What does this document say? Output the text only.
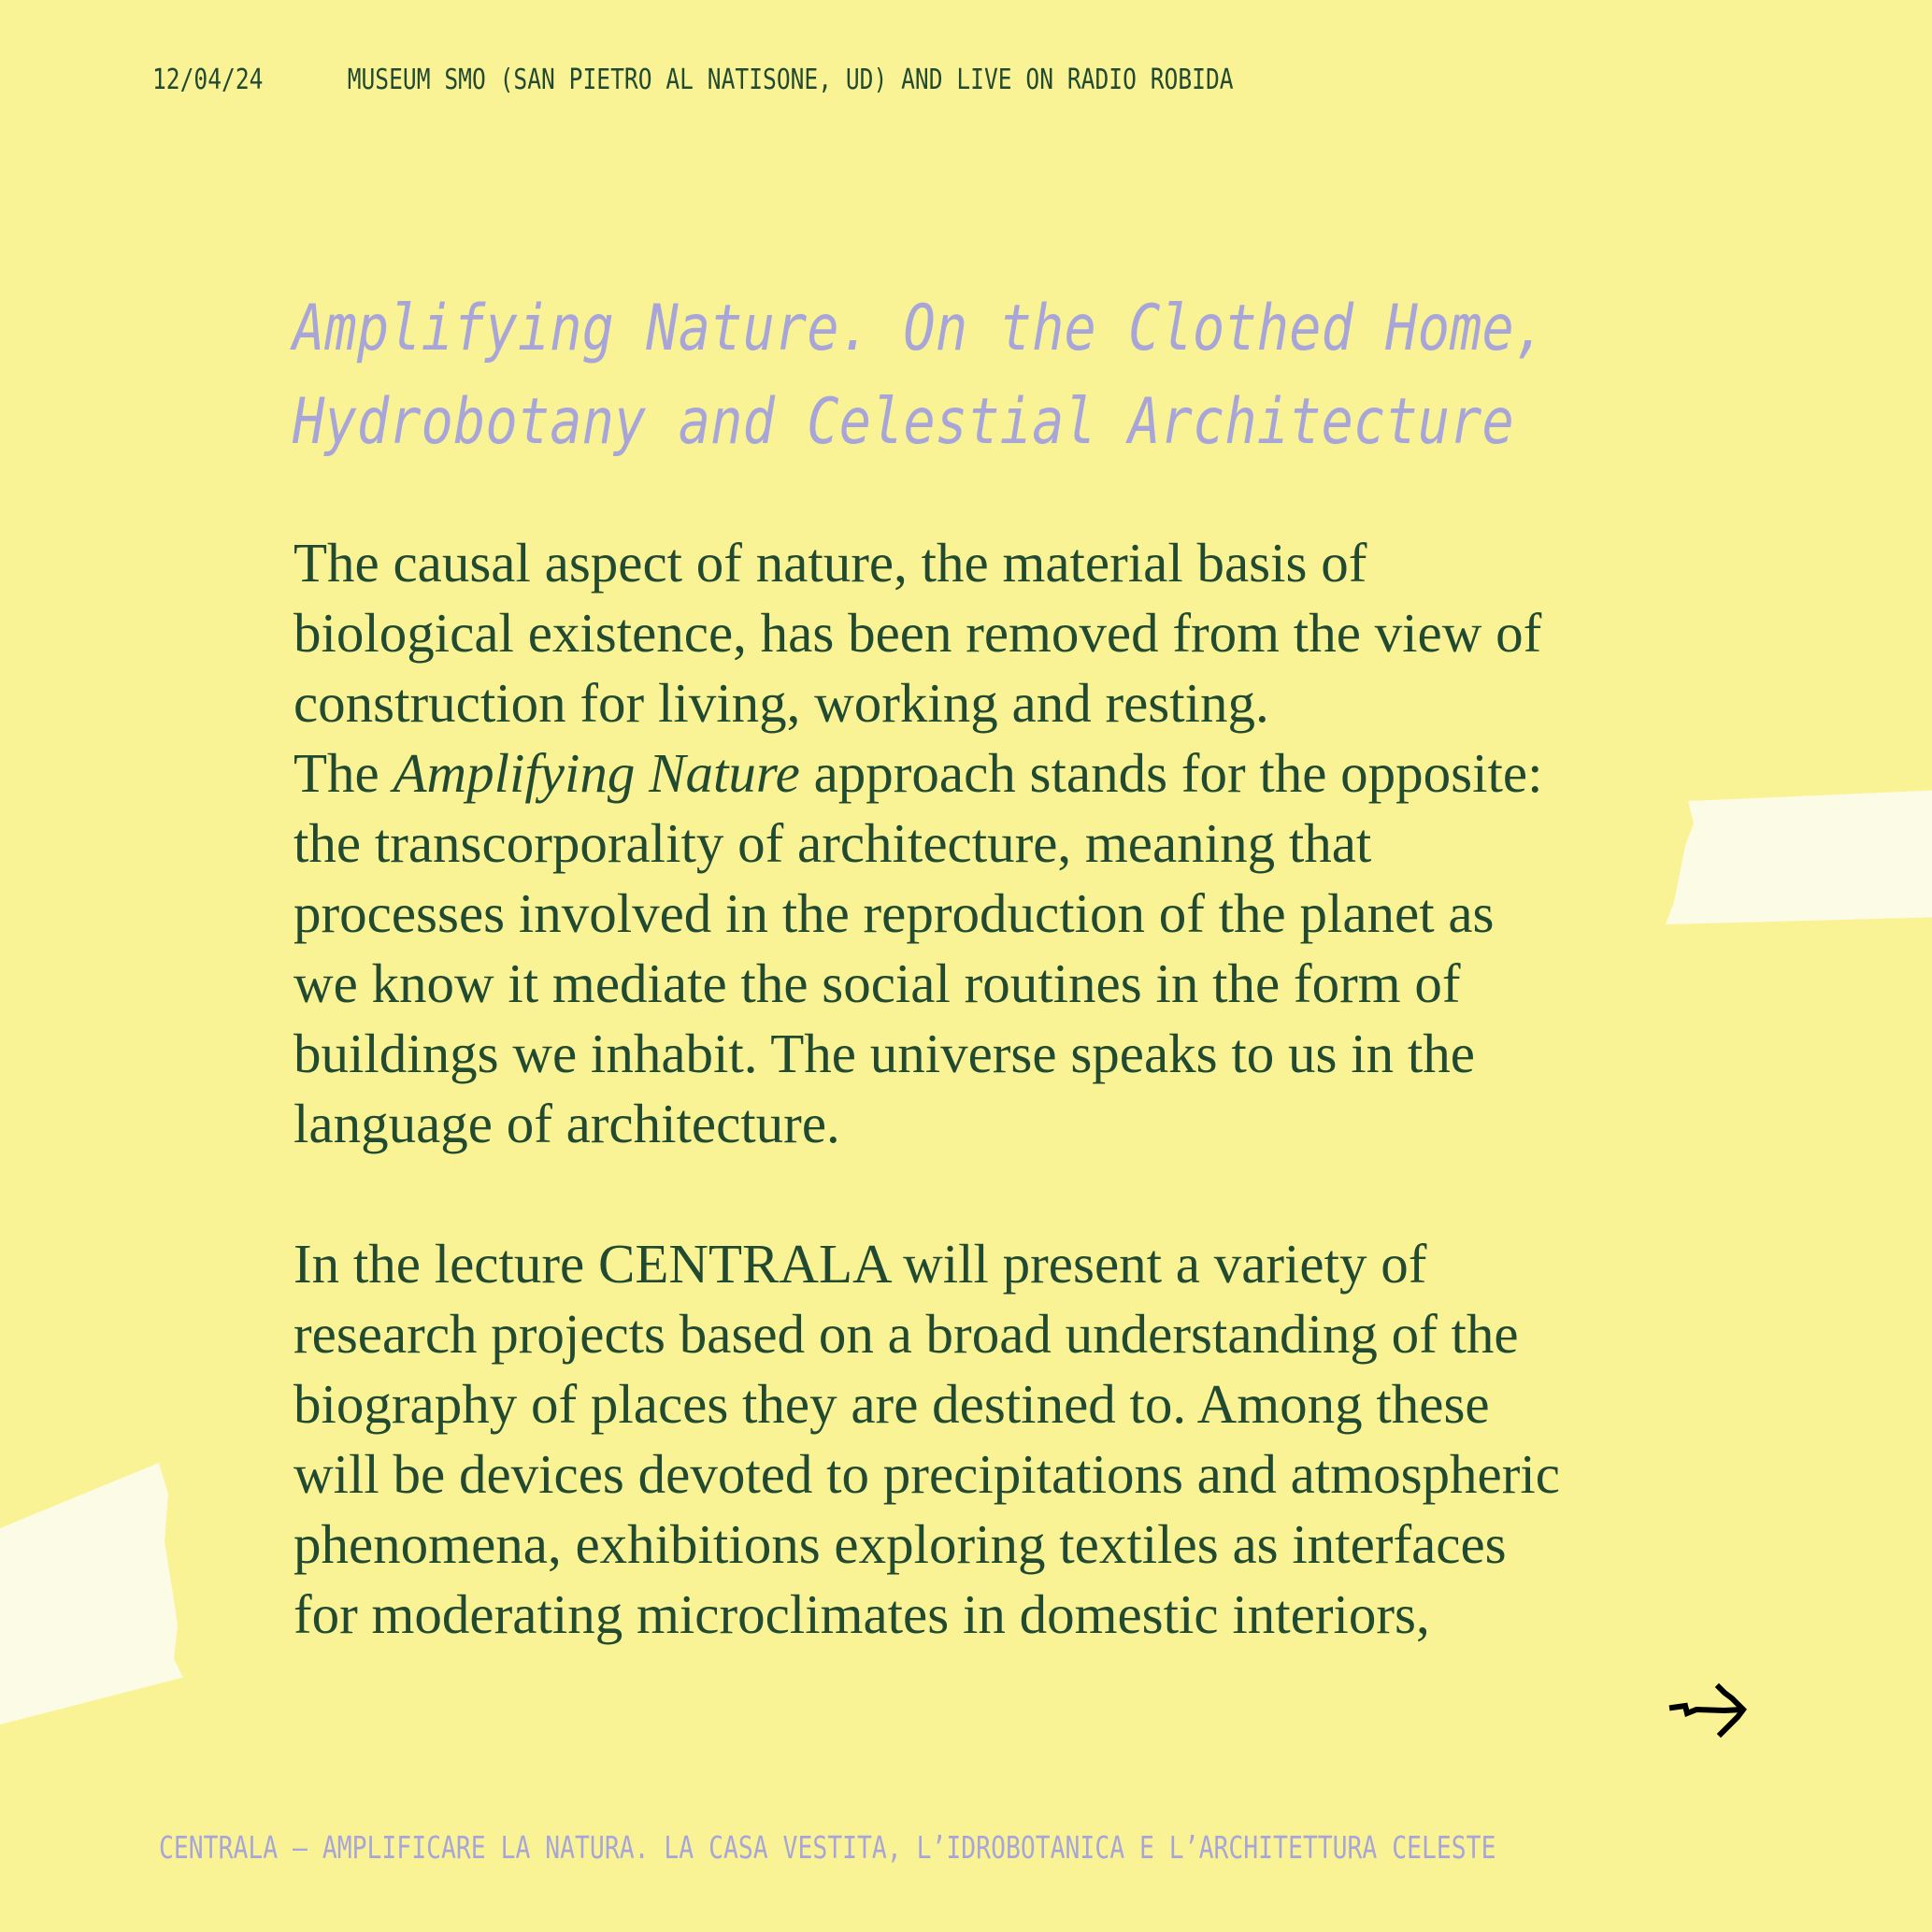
12/04/24	MUSEUM SMO (SAN PIETRO AL NATISONE, UD) AND LIVE ON RADIO ROBIDA
Amplifying Nature. On the Clothed Home,
Hydrobotany and Celestial Architecture

The causal aspect of nature, the material basis of
biological existence, has been removed from the view of
construction for living, working and resting.
The Amplifying Nature approach stands for the opposite:
the transcorporality of architecture, meaning that
processes involved in the reproduction of the planet as
we know it mediate the social routines in the form of
buildings we inhabit. The universe speaks to us in the
language of architecture.

In the lecture CENTRALA will present a variety of
research projects based on a broad understanding of the
biography of places they are destined to. Among these
will be devices devoted to precipitations and atmospheric
phenomena, exhibitions exploring textiles as interfaces
for moderating microclimates in domestic interiors,

CENTRALA – AMPLIFICARE LA NATURA. LA CASA VESTITA, L’IDROBOTANICA E L’ARCHITETTURA CELESTE
